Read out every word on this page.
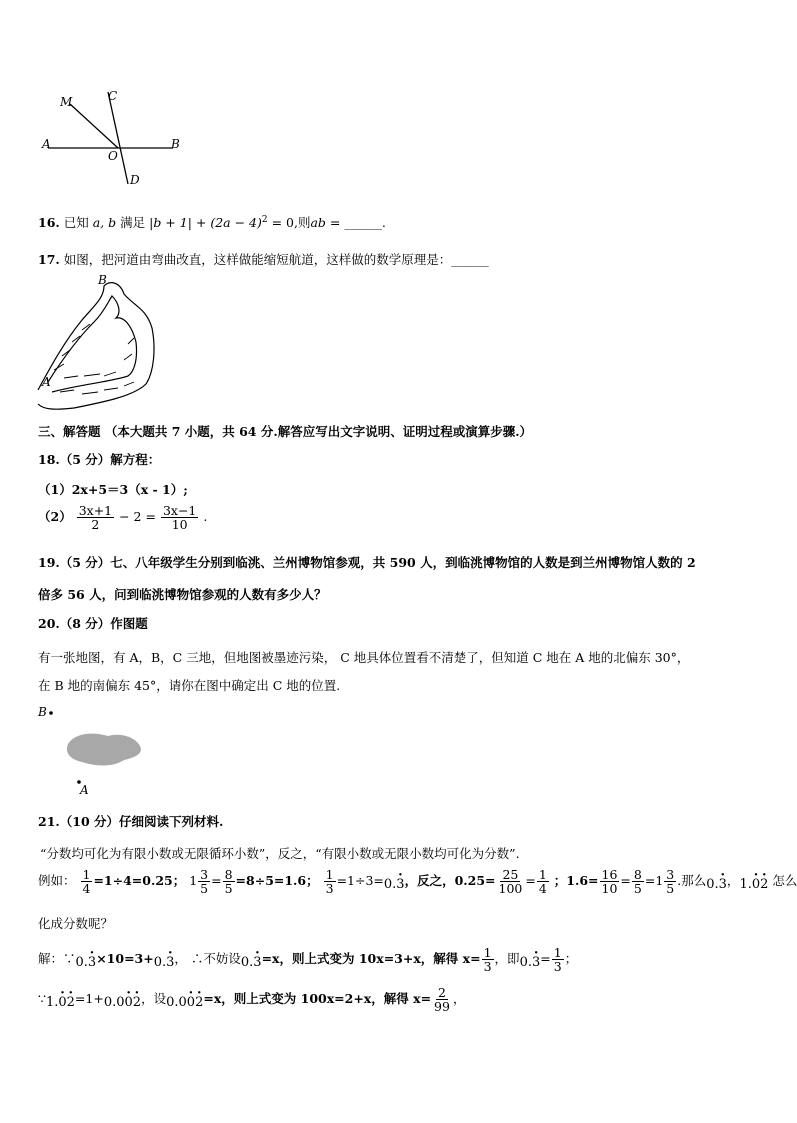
M	C
A
O
B
D
16. 已知 a, b 满足 $|b + 1| + (2a - 4)^2 = 0$,则ab = ______.
17. 如图，把河道由弯曲改直，这样做能缩短航道，这样做的数学原理是：______
B
A
三、解答题 （本大题共 7 小题，共 64 分.解答应写出文字说明、证明过程或演算步骤.）
18.（5 分）解方程：
（1）2x+5＝3（x - 1）;
$(2) \frac{3x+1}{2} - 2 = \frac{3x-1}{10}$ .
19.（5 分）七、八年级学生分别到临洮、兰州博物馆参观，共 590 人，到临洮博物馆的人数是到兰州博物馆人数的 2
倍多 56 人，问到临洮博物馆参观的人数有多少人？
20.（8 分）作图题
有一张地图，有 A，B，C 三地，但地图被墨迹污染， C 地具体位置看不清楚了，但知道 C 地在 A 地的北偏东 30°，
在 B 地的南偏东 45°，请你在图中确定出 C 地的位置.
B
A
21.（10 分）仔细阅读下列材料.
“分数均可化为有限小数或无限循环小数”，反之，“有限小数或无限小数均可化为分数”.
例如： $\frac{1}{4} =1\div 4=0.25$； $1 \frac{3}{5} = \frac{8}{5} =8\div 5=1.6$； $\frac{1}{3} =1\div 3=0.\cdot 3$，反之，$0.25= \frac{25}{100} = \frac{1}{4}$ ；$1.6= \frac{16}{10} = \frac{8}{5} =1 \frac{3}{5}$ .那么0.· 3，1.· 0· 2 怎么
化成分数呢？
解：∵0.· 3×10=3+0.· 3， ∴不妨设0.· 3=x，则上式变为 10x=3+x，解得 $x= \frac{1}{3}$ ，即$0.\cdot 3= \frac{1}{3}$ ；
∵1.· 0· 2=1+0.0· 0· 2，设0.0· 0· 2=x，则上式变为 100x=2+x，解得 $x= \frac{2}{99}$ ，
